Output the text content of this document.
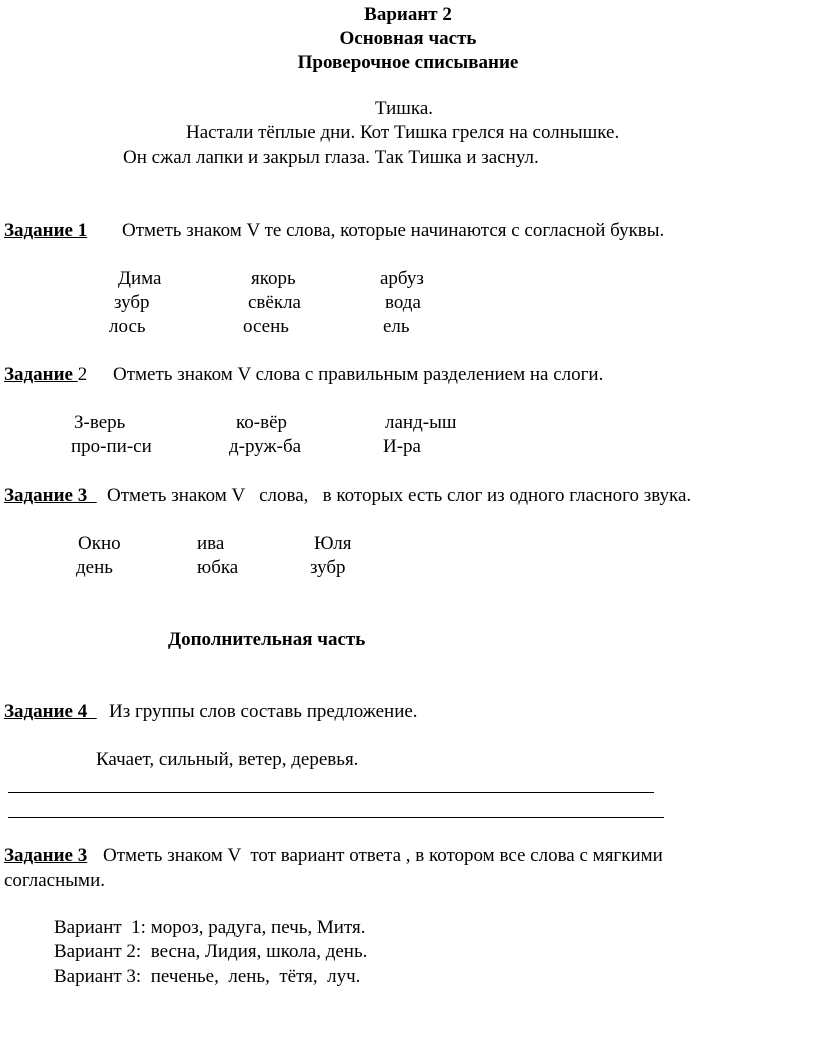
Вариант 2
Основная часть
Проверочное списывание
Тишка.
Настали тёплые дни. Кот Тишка грелся на солнышке.
Он сжал лапки и закрыл глаза. Так Тишка и заснул.
Задание 1 Отметь знаком V те слова, которые начинаются с согласной буквы.
Дима	якорь	арбуз
зубр	свёкла	вода
лось	осень	ель
Задание 2 Отметь знаком V слова с правильным разделением на слоги.
З-верь	ко-вёр	ланд-ыш
про-пи-си	д-руж-ба	И-ра
Задание 3 Отметь знаком V   слова,   в которых есть слог из одного гласного звука.
Окно	ива	Юля
день	юбка	зубр
Дополнительная часть
Задание 4 Из группы слов составь предложение.
Качает, сильный, ветер, деревья.
Задание 3 Отметь знаком V  тот вариант ответа , в котором все слова с мягкими
согласными.
Вариант  1: мороз, радуга, печь, Митя.
Вариант 2:  весна, Лидия, школа, день.
Вариант 3:  печенье,  лень,  тётя,  луч.
